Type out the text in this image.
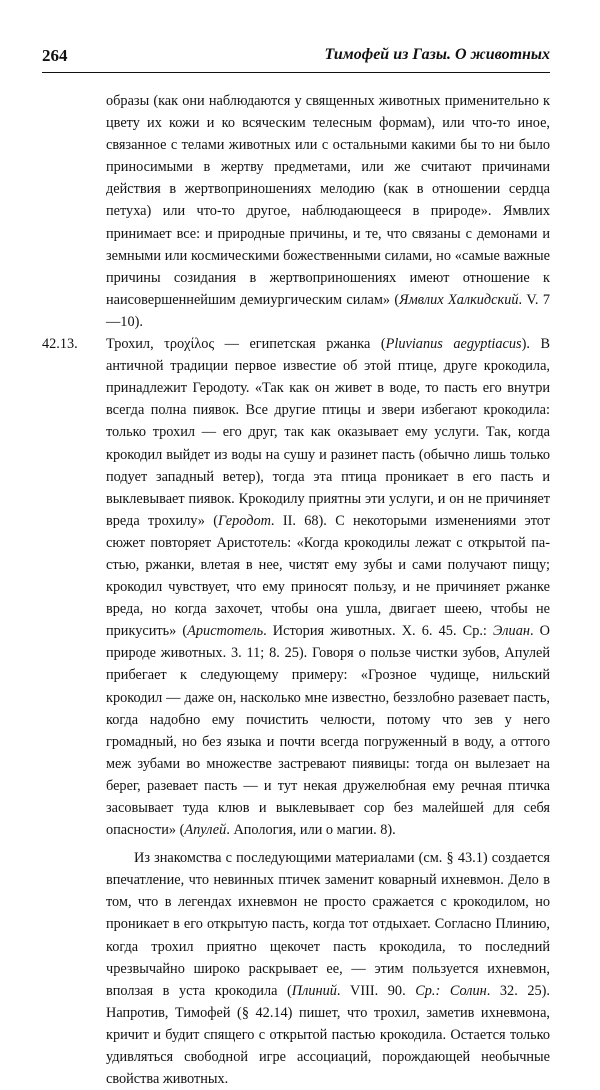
264	Тимофей из Газы. О животных

образы (как они наблюдаются у священных животных применительно к цвету их кожи и ко всяческим телесным формам), или что-то иное, связанное с телами животных или с остальными какими бы то ни было приносимыми в жертву предметами, или же считают причинами действия в жертвоприношениях мелодию (как в отношении сердца петуха) или что-то другое, наблюдающееся в природе». Ямвлих принимает все: и природные причины, и те, что связаны с демонами и земными или космическими божественными силами, но «самые важные причины созидания в жертвоприношениях имеют отношение к наисовершеннейшим демиургическим силам» (Ямвлих Халкидский. V. 7—10).

42.13.	Трохил, τροχίλος — египетская ржанка (Pluvianus aegyptiacus). В античной традиции первое известие об этой птице, друге крокодила, принадлежит Геродоту. «Так как он живет в воде, то пасть его внутри всегда полна пиявок. Все другие птицы и звери избегают крокодила: только трохил — его друг, так как оказывает ему услуги. Так, когда крокодил выйдет из воды на сушу и разинет пасть (обычно лишь только подует западный ветер), тогда эта птица проникает в его пасть и выклевывает пиявок. Крокодилу приятны эти услуги, и он не причиняет вреда трохилу» (Геродот. II. 68). С некоторыми изменениями этот сюжет повторяет Аристотель: «Когда крокодилы лежат с открытой пастью, ржанки, влетая в нее, чистят ему зубы и сами получают пищу; крокодил чувствует, что ему приносят пользу, и не причиняет ржанке вреда, но когда захочет, чтобы она ушла, двигает шеею, чтобы не прикусить» (Аристотель. История животных. X. 6. 45. Ср.: Элиан. О природе животных. 3. 11; 8. 25). Говоря о пользе чистки зубов, Апулей прибегает к следующему примеру: «Грозное чудище, нильский крокодил — даже он, насколько мне известно, беззлобно разевает пасть, когда надобно ему почистить челюсти, потому что зев у него громадный, но без языка и почти всегда погруженный в воду, а оттого меж зубами во множестве застревают пиявицы: тогда он вылезает на берег, разевает пасть — и тут некая дружелюбная ему речная птичка засовывает туда клюв и выклевывает сор без малейшей для себя опасности» (Апулей. Апология, или о магии. 8).

Из знакомства с последующими материалами (см. § 43.1) создается впечатление, что невинных птичек заменит коварный ихневмон. Дело в том, что в легендах ихневмон не просто сражается с крокодилом, но проникает в его открытую пасть, когда тот отдыхает. Согласно Плинию, когда трохил приятно щекочет пасть крокодила, то последний чрезвычайно широко раскрывает ее, — этим пользуется ихневмон, вползая в уста крокодила (Плиний. VIII. 90. Ср.: Солин. 32. 25). Напротив, Тимофей (§ 42.14) пишет, что трохил, заметив ихневмона, кричит и будит спящего с открытой пастью крокодила. Остается только удивляться свободной игре ассоциаций, порождающей необычные свойства животных.
